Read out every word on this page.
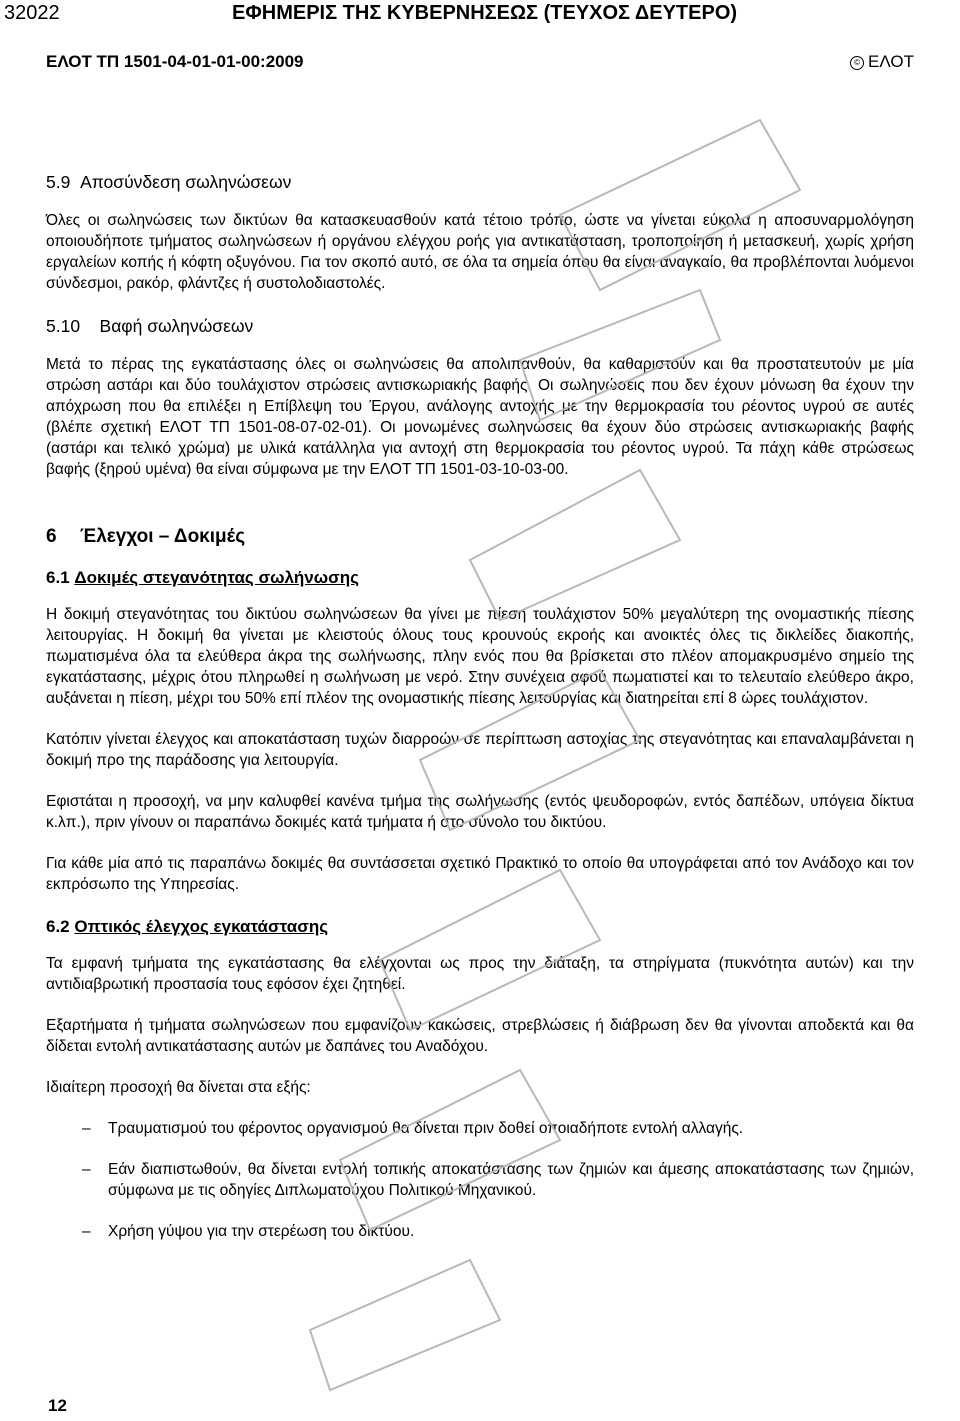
32022	ΕΦΗΜΕΡΙΣ ΤΗΣ ΚΥΒΕΡΝΗΣΕΩΣ (ΤΕΥΧΟΣ ΔΕΥΤΕΡΟ)
ΕΛΟΤ ΤΠ 1501-04-01-01-00:2009	© ΕΛΟΤ
5.9 Αποσύνδεση σωληνώσεων

Όλες οι σωληνώσεις των δικτύων θα κατασκευασθούν κατά τέτοιο τρόπο, ώστε να γίνεται εύκολα η αποσυναρμολόγηση οποιουδήποτε τμήματος σωληνώσεων ή οργάνου ελέγχου ροής για αντικατάσταση, τροποποίηση ή μετασκευή, χωρίς χρήση εργαλείων κοπής ή κόφτη οξυγόνου. Για τον σκοπό αυτό, σε όλα τα σημεία όπου θα είναι αναγκαίο, θα προβλέπονται λυόμενοι σύνδεσμοι, ρακόρ, φλάντζες ή συστολοδιαστολές.

5.10 Βαφή σωληνώσεων

Μετά το πέρας της εγκατάστασης όλες οι σωληνώσεις θα απολιπανθούν, θα καθαριστούν και θα προστατευτούν με μία στρώση αστάρι και δύο τουλάχιστον στρώσεις αντισκωριακής βαφής. Οι σωληνώσεις που δεν έχουν μόνωση θα έχουν την απόχρωση που θα επιλέξει η Επίβλεψη του Έργου, ανάλογης αντοχής με την θερμοκρασία του ρέοντος υγρού σε αυτές (βλέπε σχετική ΕΛΟΤ ΤΠ 1501-08-07-02-01). Οι μονωμένες σωληνώσεις θα έχουν δύο στρώσεις αντισκωριακής βαφής (αστάρι και τελικό χρώμα) με υλικά κατάλληλα για αντοχή στη θερμοκρασία του ρέοντος υγρού. Τα πάχη κάθε στρώσεως βαφής (ξηρού υμένα) θα είναι σύμφωνα με την ΕΛΟΤ ΤΠ 1501-03-10-03-00.

6 Έλεγχοι – Δοκιμές
6.1 Δοκιμές στεγανότητας σωλήνωσης

Η δοκιμή στεγανότητας του δικτύου σωληνώσεων θα γίνει με πίεση τουλάχιστον 50% μεγαλύτερη της ονομαστικής πίεσης λειτουργίας. Η δοκιμή θα γίνεται με κλειστούς όλους τους κρουνούς εκροής και ανοικτές όλες τις δικλείδες διακοπής, πωματισμένα όλα τα ελεύθερα άκρα της σωλήνωσης, πλην ενός που θα βρίσκεται στο πλέον απομακρυσμένο σημείο της εγκατάστασης, μέχρις ότου πληρωθεί η σωλήνωση με νερό. Στην συνέχεια αφού πωματιστεί και το τελευταίο ελεύθερο άκρο, αυξάνεται η πίεση, μέχρι του 50% επί πλέον της ονομαστικής πίεσης λειτουργίας και διατηρείται επί 8 ώρες τουλάχιστον.

Κατόπιν γίνεται έλεγχος και αποκατάσταση τυχών διαρροών σε περίπτωση αστοχίας της στεγανότητας και επαναλαμβάνεται η δοκιμή προ της παράδοσης για λειτουργία.

Εφιστάται η προσοχή, να μην καλυφθεί κανένα τμήμα της σωλήνωσης (εντός ψευδοροφών, εντός δαπέδων, υπόγεια δίκτυα κ.λπ.), πριν γίνουν οι παραπάνω δοκιμές κατά τμήματα ή στο σύνολο του δικτύου.

Για κάθε μία από τις παραπάνω δοκιμές θα συντάσσεται σχετικό Πρακτικό το οποίο θα υπογράφεται από τον Ανάδοχο και τον εκπρόσωπο της Υπηρεσίας.

6.2 Οπτικός έλεγχος εγκατάστασης

Τα εμφανή τμήματα της εγκατάστασης θα ελέγχονται ως προς την διάταξη, τα στηρίγματα (πυκνότητα αυτών) και την αντιδιαβρωτική προστασία τους εφόσον έχει ζητηθεί.

Εξαρτήματα ή τμήματα σωληνώσεων που εμφανίζουν κακώσεις, στρεβλώσεις ή διάβρωση δεν θα γίνονται αποδεκτά και θα δίδεται εντολή αντικατάστασης αυτών με δαπάνες του Αναδόχου.

Ιδιαίτερη προσοχή θα δίνεται στα εξής:

– Τραυματισμού του φέροντος οργανισμού θα δίνεται πριν δοθεί οποιαδήποτε εντολή αλλαγής.
– Εάν διαπιστωθούν, θα δίνεται εντολή τοπικής αποκατάστασης των ζημιών και άμεσης αποκατάστασης των ζημιών, σύμφωνα με τις οδηγίες Διπλωματούχου Πολιτικού Μηχανικού.
– Χρήση γύψου για την στερέωση του δικτύου.
12
